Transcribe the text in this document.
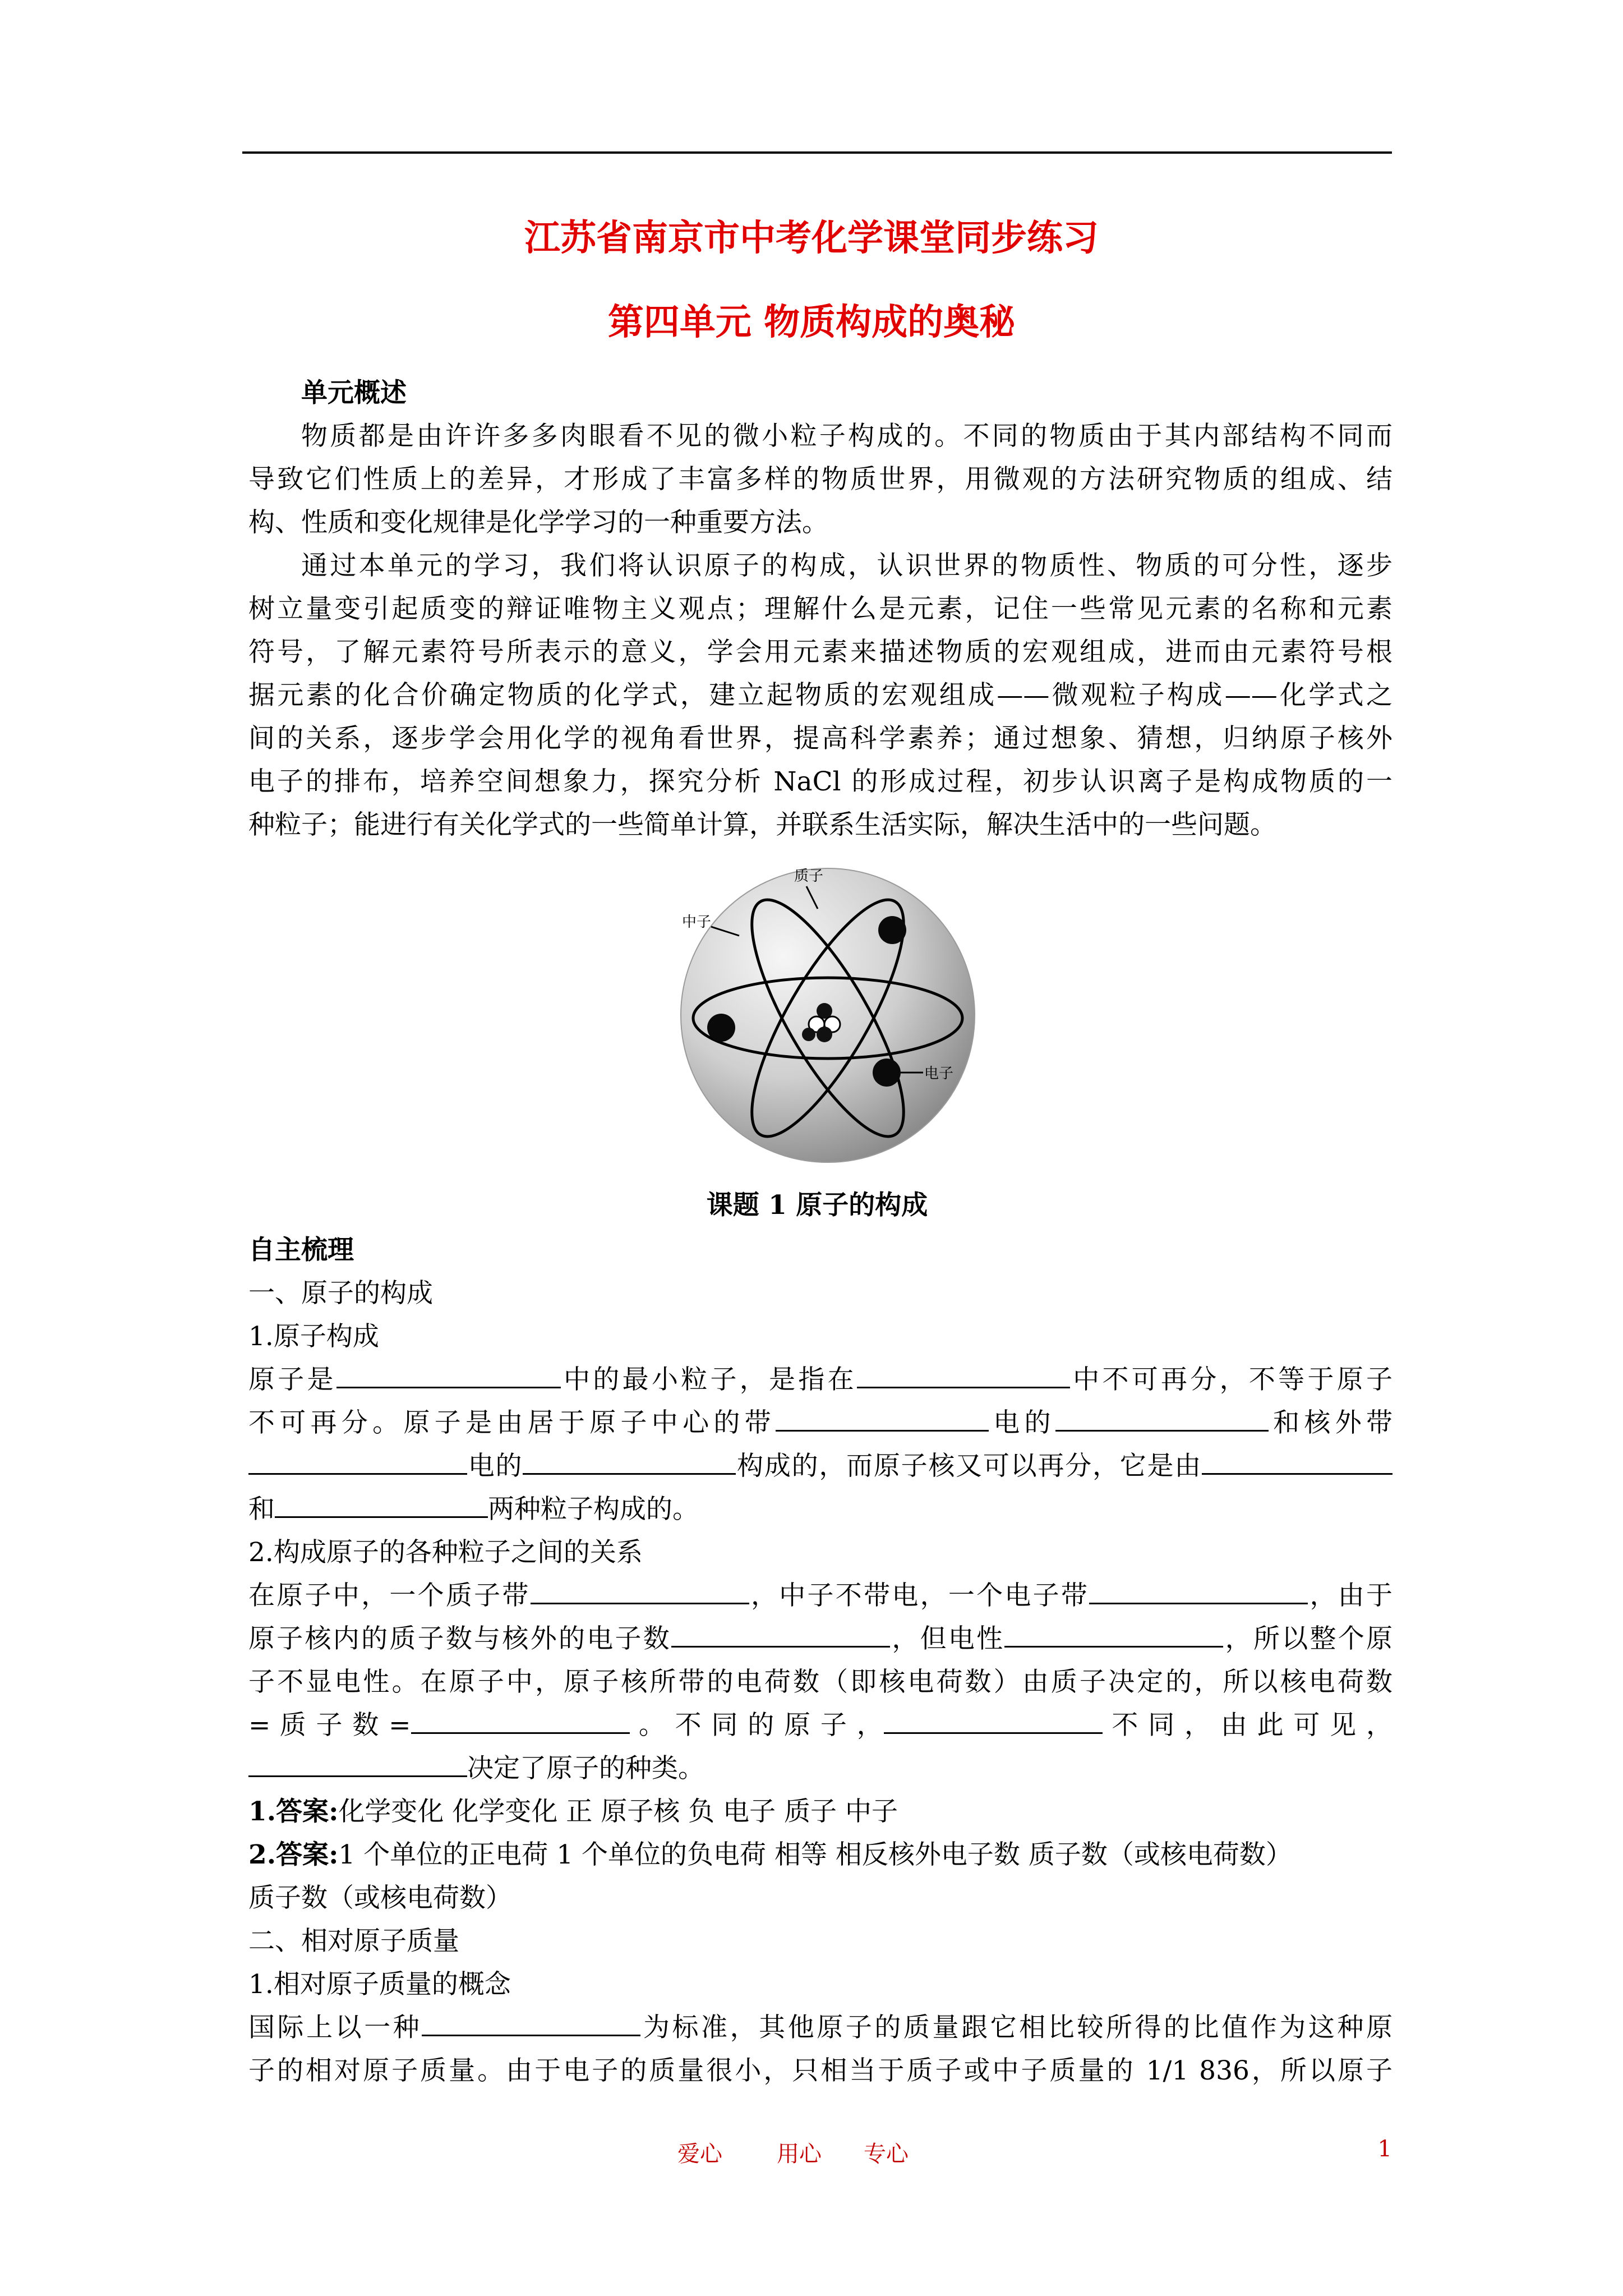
江苏省南京市中考化学课堂同步练习
第四单元 物质构成的奥秘

单元概述

物质都是由许许多多肉眼看不见的微小粒子构成的。不同的物质由于其内部结构不同而

导致它们性质上的差异，才形成了丰富多样的物质世界，用微观的方法研究物质的组成、结

构、性质和变化规律是化学学习的一种重要方法。

通过本单元的学习，我们将认识原子的构成，认识世界的物质性、物质的可分性，逐步

树立量变引起质变的辩证唯物主义观点；理解什么是元素，记住一些常见元素的名称和元素

符号，了解元素符号所表示的意义，学会用元素来描述物质的宏观组成，进而由元素符号根

据元素的化合价确定物质的化学式，建立起物质的宏观组成——微观粒子构成——化学式之

间的关系，逐步学会用化学的视角看世界，提高科学素养；通过想象、猜想，归纳原子核外

电子的排布，培养空间想象力，探究分析 NaCl 的形成过程，初步认识离子是构成物质的一

种粒子；能进行有关化学式的一些简单计算，并联系生活实际，解决生活中的一些问题。

质子
中子
电子

课题 1 原子的构成

自主梳理

一、原子的构成

1.原子构成

原子是	中的最小粒子，是指在	中不可再分，不等于原子

不可再分。原子是由居于原子中心的带	电的	和核外带

电的	构成的，而原子核又可以再分，它是由

和	两种粒子构成的。

2.构成原子的各种粒子之间的关系

在原子中，一个质子带	，中子不带电，一个电子带	，由于

原子核内的质子数与核外的电子数	，但电性	，所以整个原

子不显电性。在原子中，原子核所带的电荷数（即核电荷数）由质子决定的，所以核电荷数

= 质 子 数 =	。 不 同 的 原 子 ，	不 同 ， 由 此 可 见 ，

决定了原子的种类。

1.答案:化学变化 化学变化 正 原子核 负 电子 质子 中子

2.答案:1 个单位的正电荷 1 个单位的负电荷 相等 相反核外电子数 质子数（或核电荷数）

质子数（或核电荷数）

二、相对原子质量

1.相对原子质量的概念

国际上以一种	为标准，其他原子的质量跟它相比较所得的比值作为这种原

子的相对原子质量。由于电子的质量很小，只相当于质子或中子质量的 1/1 836，所以原子

爱心 用心 专心	1
